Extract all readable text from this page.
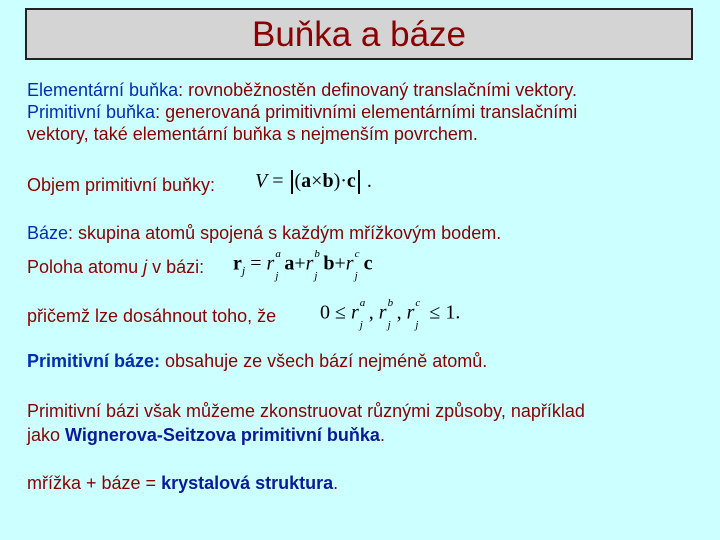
Buňka a báze
Elementární buňka: rovnoběžnostěn definovaný translačními vektory.
Primitivní buňka: generovaná primitivními elementárními translačními
vektory, také elementární buňka s nejmenším povrchem.
Objem primitivní buňky: V = (a×b)·c .
Báze: skupina atomů spojená s každým mřížkovým bodem.
Poloha atomu j v bázi: $r_j = r$ a
j
a+r b
j
b+r c
j
c
přičemž lze dosáhnout toho, že 0 ≤ r a
j
, r b
j
, r c
j
≤ 1.
Primitivní báze: obsahuje ze všech bází nejméně atomů.
Primitivní bázi však můžeme zkonstruovat různými způsoby, například
jako Wignerova-Seitzova primitivní buňka.
mřížka + báze = krystalová struktura.
